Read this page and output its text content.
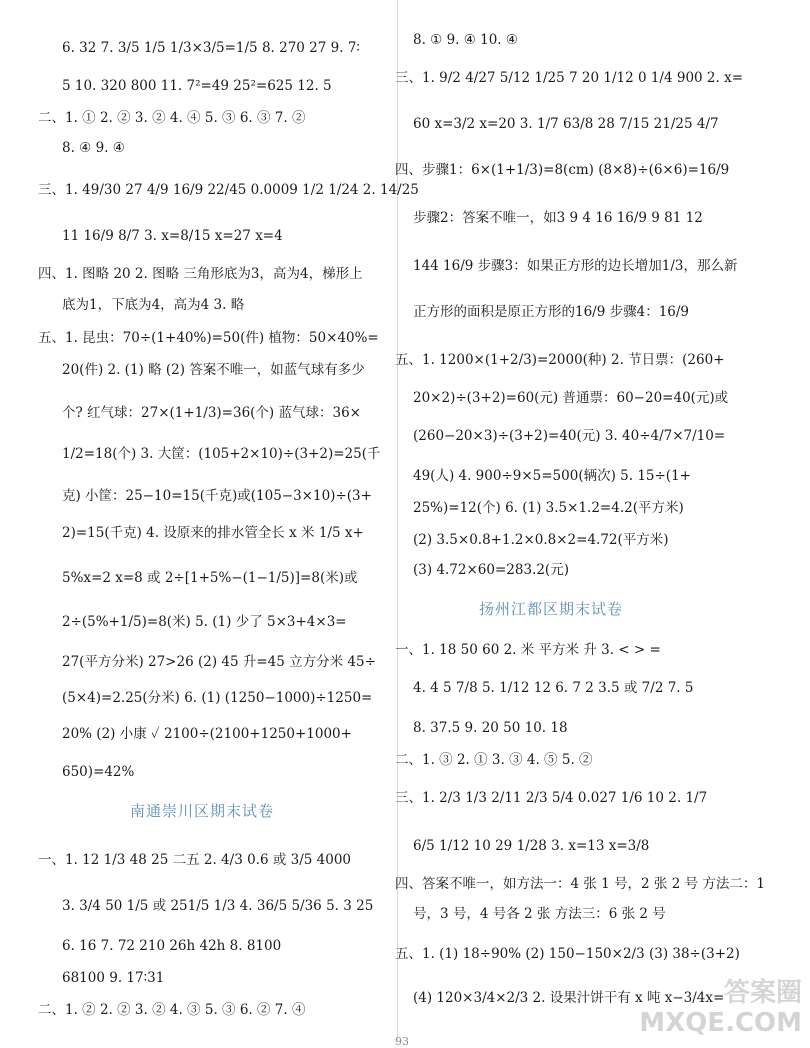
6. 32 7. 3/5 1/5 1/3×3/5=1/5 8. 270 27 9. 7∶
5 10. 320 800 11. 7²=49 25²=625 12. 5
二、1. ① 2. ② 3. ② 4. ④ 5. ③ 6. ③ 7. ②
8. ④ 9. ④
三、1. 49/30 27 4/9 16/9 22/45 0.0009 1/2 1/24 2. 14/25
11 16/9 8/7 3. x=8/15 x=27 x=4
四、1. 图略 20 2. 图略 三角形底为3，高为4，梯形上
底为1，下底为4，高为4 3. 略
五、1. 昆虫：70÷(1+40%)=50(件) 植物：50×40%=
20(件) 2. (1) 略 (2) 答案不唯一，如蓝气球有多少
个? 红气球：27×(1+1/3)=36(个) 蓝气球：36×
1/2=18(个) 3. 大筐：(105+2×10)÷(3+2)=25(千
克) 小筐：25−10=15(千克)或(105−3×10)÷(3+
2)=15(千克) 4. 设原来的排水管全长 x 米 1/5 x+
5%x=2 x=8 或 2÷[1+5%−(1−1/5)]=8(米)或
2÷(5%+1/5)=8(米) 5. (1) 少了 5×3+4×3=
27(平方分米) 27>26 (2) 45 升=45 立方分米 45÷
(5×4)=2.25(分米) 6. (1) (1250−1000)÷1250=
20% (2) 小康 ✓ 2100÷(2100+1250+1000+
650)=42%
南通崇川区期末试卷
一、1. 12 1/3 48 25 二五 2. 4/3 0.6 或 3/5 4000
3. 3/4 50 1/5 或 251/5 1/3 4. 36/5 5/36 5. 3 25
6. 16 7. 72 210 26h 42h 8. 8100
68100 9. 17∶31
二、1. ② 2. ② 3. ② 4. ③ 5. ③ 6. ② 7. ④
8. ① 9. ④ 10. ④
三、1. 9/2 4/27 5/12 1/25 7 20 1/12 0 1/4 900 2. x=
60 x=3/2 x=20 3. 1/7 63/8 28 7/15 21/25 4/7
四、步骤1：6×(1+1/3)=8(cm) (8×8)÷(6×6)=16/9
步骤2：答案不唯一，如3 9 4 16 16/9 9 81 12
144 16/9 步骤3：如果正方形的边长增加1/3，那么新
正方形的面积是原正方形的16/9 步骤4：16/9
五、1. 1200×(1+2/3)=2000(种) 2. 节日票：(260+
20×2)÷(3+2)=60(元) 普通票：60−20=40(元)或
(260−20×3)÷(3+2)=40(元) 3. 40÷4/7×7/10=
49(人) 4. 900÷9×5=500(辆次) 5. 15÷(1+
25%)=12(个) 6. (1) 3.5×1.2=4.2(平方米)
(2) 3.5×0.8+1.2×0.8×2=4.72(平方米)
(3) 4.72×60=283.2(元)
扬州江都区期末试卷
一、1. 18 50 60 2. 米 平方米 升 3. < > =
4. 4 5 7/8 5. 1/12 12 6. 7 2 3.5 或 7/2 7. 5
8. 37.5 9. 20 50 10. 18
二、1. ③ 2. ① 3. ③ 4. ⑤ 5. ②
三、1. 2/3 1/3 2/11 2/3 5/4 0.027 1/6 10 2. 1/7
6/5 1/12 10 29 1/28 3. x=13 x=3/8
四、答案不唯一，如方法一：4 张 1 号，2 张 2 号 方法二：1
号，3 号，4 号各 2 张 方法三：6 张 2 号
五、1. (1) 18÷90% (2) 150−150×2/3 (3) 38÷(3+2)
(4) 120×3/4×2/3 2. 设果汁饼干有 x 吨 x−3/4x= 答案圈
MXQE.COM
93
